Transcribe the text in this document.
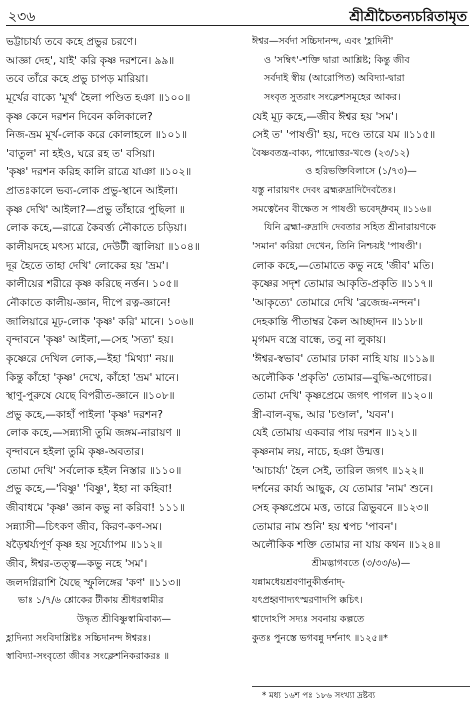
২৩৬	শ্রীশ্রীচৈতন্যচরিতামৃত
ভট্টাচার্য্য তবে কহে প্রভুর চরণে।
আজ্ঞা দেহ', যাই' করি কৃষ্ণ দরশনে। ৯৯॥
তবে তাঁরে কহে প্রভু চাপড় মারিয়া।
মূর্খের বাক্যে 'মূর্খ' হৈলা পণ্ডিত হঞা ॥১০০॥
কৃষ্ণ কেনে দরশন দিবেন কলিকালে?
নিজ-ভ্রম মূর্খ-লোক করে কোলাহলে ॥১০১॥
'বাতুল' না হইও, ঘরে রহ ত' বসিয়া।
'কৃষ্ণ' দরশন করিহ কালি রাত্রে যাঞা ॥১০২॥
প্রাতঃকালে ভব্য-লোক প্রভু-স্থানে আইলা।
কৃষ্ণ দেখি' আইলা?—প্রভু তাঁহারে পুছিলা ॥
লোক কহে,—রাত্রে কৈবর্ত্ত্য নৌকাতে চড়িয়া।
কালীয়দহে মৎস্য মারে, দেউটী জ্বালিয়া ॥১০৪॥
দূর হৈতে তাহা দেখি' লোকের হয় 'ভ্রম'।
কালীয়ের শরীরে কৃষ্ণ করিছে নর্ত্তন। ১০৫॥
নৌকাতে কালীয়-জ্ঞান, দীপে রত্ন-জ্ঞানে!
জালিয়ারে মূঢ়-লোক 'কৃষ্ণ' করি' মানে। ১০৬॥
বৃন্দাবনে 'কৃষ্ণ' আইলা,—সেহ 'সত্য' হয়।
কৃষ্ণেরে দেখিল লোক,—ইহা 'মিথ্যা' নয়॥
কিন্তু কাঁহো 'কৃষ্ণ' দেখে, কাঁহো 'ভ্রম' মানে।
স্থাণু-পুরুষে যেছে বিপরীত-জ্ঞানে ॥১০৮॥
প্রভু কহে,—কাহাঁ পাইলা 'কৃষ্ণ' দরশন?
লোক কহে,—সন্ন্যাসী তুমি জঙ্গম-নারায়ণ ॥
বৃন্দাবনে হইলা তুমি কৃষ্ণ-অবতার।
তোমা দেখি' সর্বলোক হইল নিস্তার ॥১১০॥
প্রভু কহে,—'বিষ্ণু' 'বিষ্ণু', ইহা না কহিবা!
জীবাধমে 'কৃষ্ণ' জ্ঞান কভু না করিবা! ১১১॥
সন্ন্যাসী—চিৎকণ জীব, কিরণ-কণ-সম।
ষড়ৈশ্বর্য্যপূর্ণ কৃষ্ণ হয় সূর্য্যোপম ॥১১২॥
জীব, ঈশ্বর-তত্ত্ব—কভু নহে 'সম'।
জলদগ্নিরাশি যৈছে স্ফুলিঙ্গের 'কণ' ॥১১৩॥
ভাঃ ১/৭/৬ শ্লোকের টীকায় শ্রীধরস্বামীর
উদ্ধৃত শ্রীবিষ্ণুস্বামিবাক্য—
হ্লাদিন্যা সংবিদাশ্লিষ্টঃ সচ্চিদানন্দ ঈশ্বরঃ।
স্বাবিদ্যা-সংবৃতো জীবঃ সংক্লেশনিকরাকরঃ ॥
ঈশ্বর—সর্বদা সচ্চিদানন্দ, এবং 'হ্লাদিনী'
ও 'সম্বিৎ'-শক্তি দ্বারা আশ্লিষ্ট; কিন্তু জীব
সর্বদাই স্বীয় (আরোপিত) অবিদ্যা-দ্বারা
সংবৃত সুতরাং সংক্লেশসমূহের আকর।
যেই মূঢ় কহে,—জীব ঈশ্বর হয় 'সম'।
সেই ত' 'পাষণ্ডী' হয়, দণ্ডে তারে যম ॥১১৫॥
বৈষ্ণবতন্ত্র-বাক্য, পাদ্মোত্তর-খণ্ডে (২৩/১২)
ও হরিভক্তিবিলাসে (১/৭৩)—
যস্তু নারায়ণং দেবং ব্রহ্মরুদ্রাদিদৈবতৈঃ।
সমত্বেনৈব বীক্ষেত স পাষণ্ডী ভবেদ্ধ্রুবম্ ॥১১৬॥
যিনি ব্রহ্মা-রুদ্রাদি দেবতার সহিত শ্রীনারায়ণকে
'সমান' করিয়া দেখেন, তিনি নিশ্চয়ই 'পাষণ্ডী'।
লোক কহে,—তোমাতে কভু নহে 'জীব' মতি।
কৃষ্ণের সদৃশ তোমার আকৃতি-প্রকৃতি ॥১১৭॥
'আকৃত্যে' তোমারে দেখি 'ব্রজেন্দ্র-নন্দন'।
দেহকান্তি পীতাম্বর কৈল আচ্ছাদন ॥১১৮॥
মৃগমদ বস্ত্রে বান্ধে, তবু না লুকায়।
'ঈশ্বর-স্বভাব' তোমার ঢাকা নাহি যায় ॥১১৯॥
অলৌকিক 'প্রকৃতি' তোমার—বুদ্ধি-অগোচর।
তোমা দেখি' কৃষ্ণপ্রেমে জগৎ পাগল ॥১২০॥
স্ত্রী-বাল-বৃদ্ধ, আর 'চণ্ডাল', 'যবন'।
যেই তোমায় একবার পায় দরশন ॥১২১॥
কৃষ্ণনাম লয়, নাচে, হঞা উন্মত্ত।
'আচার্য্য' হৈল সেই, তারিল জগৎ ॥১২২॥
দর্শনের কার্য্য আছুক, যে তোমার 'নাম' শুনে।
সেহ কৃষ্ণপ্রেমে মত্ত, তারে ত্রিভুবনে ॥১২৩॥
তোমার নাম শুনি' হয় শ্বপচ 'পাবন'।
অলৌকিক শক্তি তোমার না যায় কথন ॥১২৪॥
শ্রীমদ্ভাগবতে (৩/৩৩/৬)—
যন্নামধেয়শ্রবণানুকীর্ত্তনাদ্-
যৎপ্রহ্বণাদ্যৎস্মরণাদপি ক্কচিৎ।
শ্বাদোঽপি সদ্যঃ সবনায় কল্পতে
কুতঃ পুনস্তে ভগবন্নু দর্শনাৎ ॥১২৫॥*
* মধ্য ১৬শ পঃ ১৮৬ সংখ্যা দ্রষ্টব্য
